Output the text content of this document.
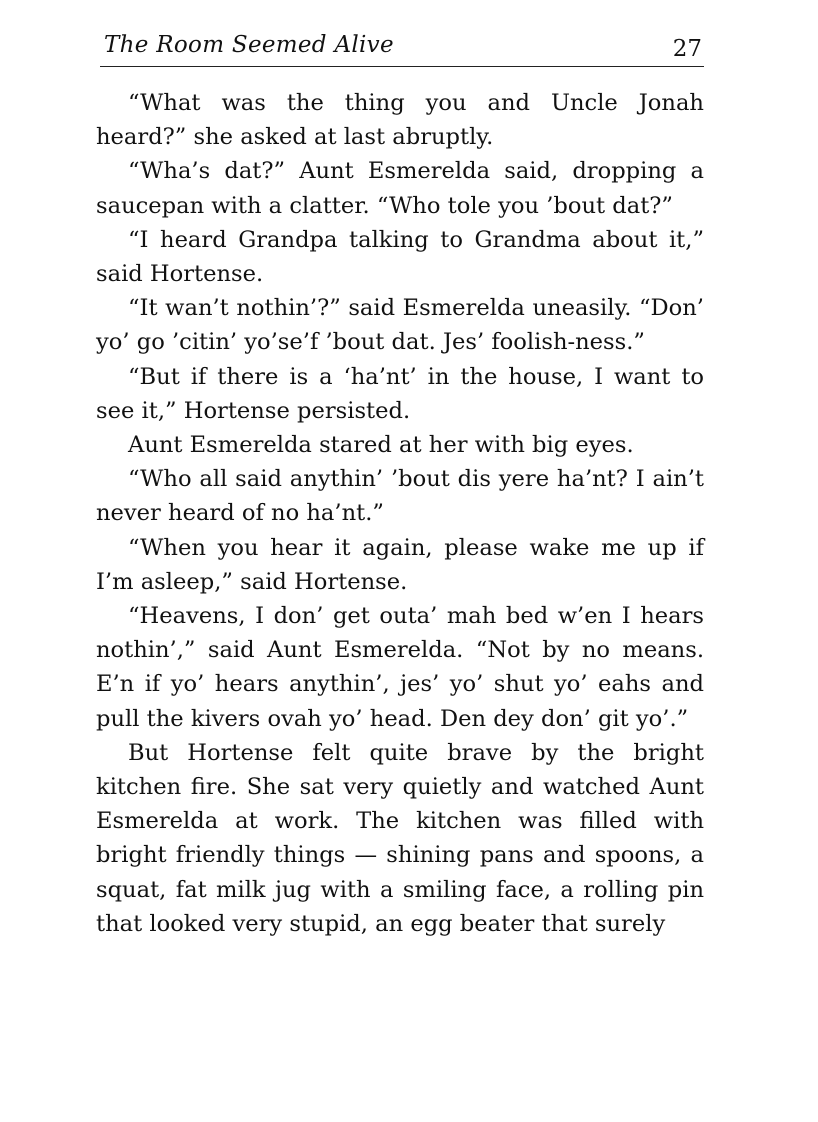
The Room Seemed Alive	27

“What was the thing you and Uncle Jonah heard?” she asked at last abruptly.

“Wha’s dat?” Aunt Esmerelda said, dropping a saucepan with a clatter. “Who tole you ’bout dat?”

“I heard Grandpa talking to Grandma about it,” said Hortense.

“It wan’t nothin’?” said Esmerelda uneasily. “Don’ yo’ go ’citin’ yo’se’f ’bout dat. Jes’ foolish-ness.”

“But if there is a ‘ha’nt’ in the house, I want to see it,” Hortense persisted.

Aunt Esmerelda stared at her with big eyes.

“Who all said anythin’ ’bout dis yere ha’nt? I ain’t never heard of no ha’nt.”

“When you hear it again, please wake me up if I’m asleep,” said Hortense.

“Heavens, I don’ get outa’ mah bed w’en I hears nothin’,” said Aunt Esmerelda. “Not by no means. E’n if yo’ hears anythin’, jes’ yo’ shut yo’ eahs and pull the kivers ovah yo’ head. Den dey don’ git yo’.”

But Hortense felt quite brave by the bright kitchen fire. She sat very quietly and watched Aunt Esmerelda at work. The kitchen was filled with bright friendly things — shining pans and spoons, a squat, fat milk jug with a smiling face, a rolling pin that looked very stupid, an egg beater that surely
